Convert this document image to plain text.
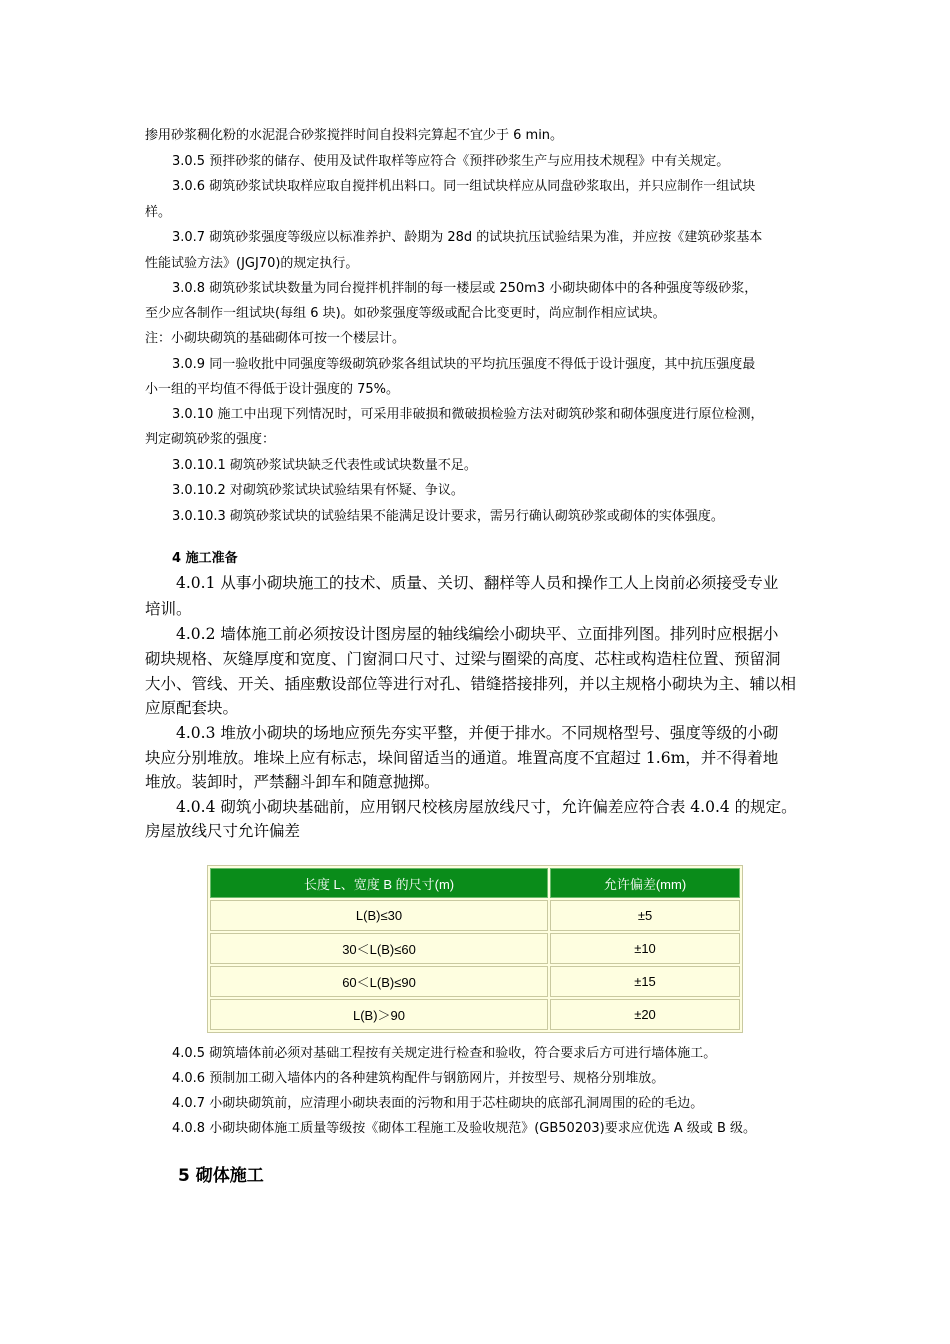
掺用砂浆稠化粉的水泥混合砂浆搅拌时间自投料完算起不宜少于 6 min。
3.0.5 预拌砂浆的储存、使用及试件取样等应符合《预拌砂浆生产与应用技术规程》中有关规定。
3.0.6 砌筑砂浆试块取样应取自搅拌机出料口。同一组试块样应从同盘砂浆取出，并只应制作一组试块
样。
3.0.7 砌筑砂浆强度等级应以标准养护、龄期为 28d 的试块抗压试验结果为准，并应按《建筑砂浆基本
性能试验方法》(JGJ70)的规定执行。
3.0.8 砌筑砂浆试块数量为同台搅拌机拌制的每一楼层或 250m3 小砌块砌体中的各种强度等级砂浆，
至少应各制作一组试块(每组 6 块)。如砂浆强度等级或配合比变更时，尚应制作相应试块。
注：小砌块砌筑的基础砌体可按一个楼层计。
3.0.9 同一验收批中同强度等级砌筑砂浆各组试块的平均抗压强度不得低于设计强度，其中抗压强度最
小一组的平均值不得低于设计强度的 75%。
3.0.10 施工中出现下列情况时，可采用非破损和微破损检验方法对砌筑砂浆和砌体强度进行原位检测，
判定砌筑砂浆的强度：
3.0.10.1 砌筑砂浆试块缺乏代表性或试块数量不足。
3.0.10.2 对砌筑砂浆试块试验结果有怀疑、争议。
3.0.10.3 砌筑砂浆试块的试验结果不能满足设计要求，需另行确认砌筑砂浆或砌体的实体强度。
4 施工准备
4.0.1 从事小砌块施工的技术、质量、关切、翻样等人员和操作工人上岗前必须接受专业
培训。
4.0.2 墙体施工前必须按设计图房屋的轴线编绘小砌块平、立面排列图。排列时应根据小
砌块规格、灰缝厚度和宽度、门窗洞口尺寸、过梁与圈梁的高度、芯柱或构造柱位置、预留洞
大小、管线、开关、插座敷设部位等进行对孔、错缝搭接排列，并以主规格小砌块为主、辅以相
应原配套块。
4.0.3 堆放小砌块的场地应预先夯实平整，并便于排水。不同规格型号、强度等级的小砌
块应分别堆放。堆垛上应有标志，垛间留适当的通道。堆置高度不宜超过 1.6m，并不得着地
堆放。装卸时，严禁翻斗卸车和随意抛掷。
4.0.4 砌筑小砌块基础前，应用钢尺校核房屋放线尺寸，允许偏差应符合表 4.0.4 的规定。
房屋放线尺寸允许偏差
长度 L、宽度 B 的尺寸(m)	允许偏差(mm)
L(B)≤30	±5
30＜L(B)≤60	±10
60＜L(B)≤90	±15
L(B)＞90	±20
4.0.5 砌筑墙体前必须对基础工程按有关规定进行检查和验收，符合要求后方可进行墙体施工。
4.0.6 预制加工砌入墙体内的各种建筑构配件与钢筋网片，并按型号、规格分别堆放。
4.0.7 小砌块砌筑前，应清理小砌块表面的污物和用于芯柱砌块的底部孔洞周围的砼的毛边。
4.0.8 小砌块砌体施工质量等级按《砌体工程施工及验收规范》(GB50203)要求应优选 A 级或 B 级。
5 砌体施工
